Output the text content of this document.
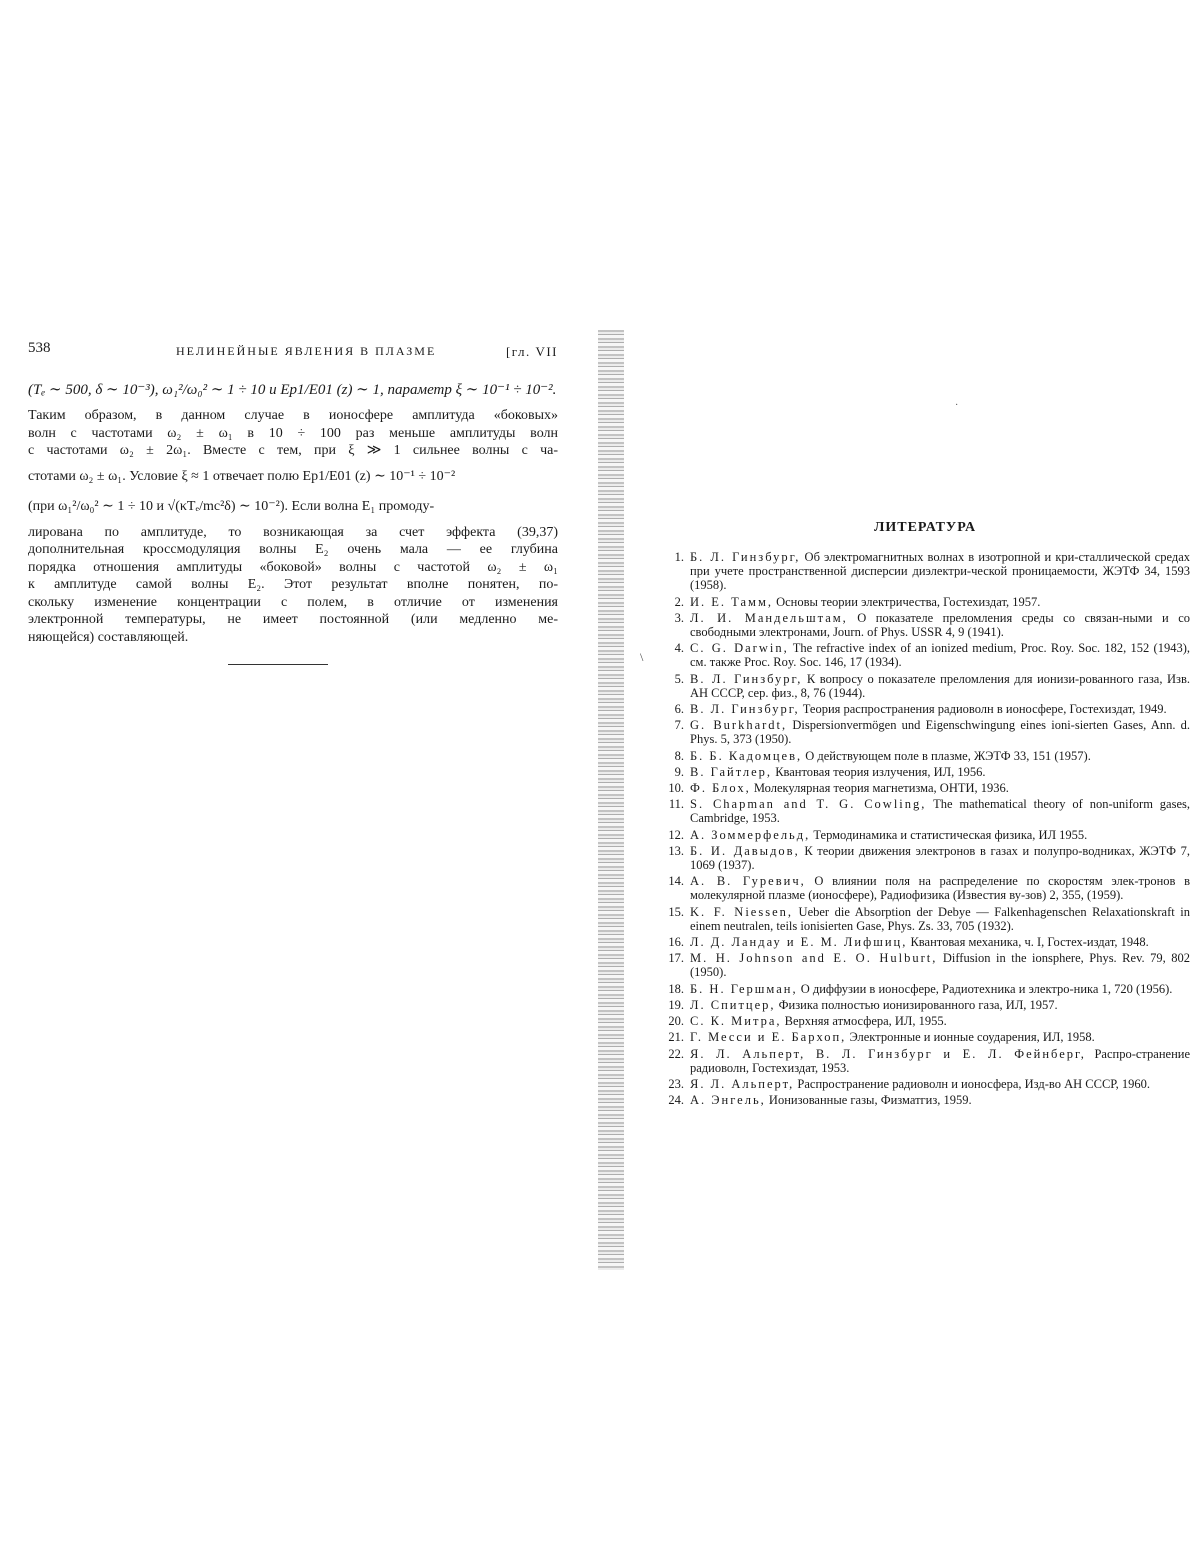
538	НЕЛИНЕЙНЫЕ ЯВЛЕНИЯ В ПЛАЗМЕ	[гл. VII
(Tₑ ∼ 500, δ ∼ 10⁻³), ω₁²/ω₀² ∼ 1 ÷ 10 и Ep1/E01 (z) ∼ 1, параметр ξ ∼ 10⁻¹ ÷ 10⁻².
Таким образом, в данном случае в ионосфере амплитуда «боковых»
волн с частотами ω₂ ± ω₁ в 10 ÷ 100 раз меньше амплитуды волн
с частотами ω₂ ± 2ω₁. Вместе с тем, при ξ ≫ 1 сильнее волны с ча-
стотами ω₂ ± ω₁. Условие ξ ≈ 1 отвечает полю Ep1/E01 (z) ∼ 10⁻¹ ÷ 10⁻²
(при ω₁²/ω₀² ∼ 1 ÷ 10 и √(κTₑ/mc²δ) ∼ 10⁻²). Если волна E₁ промоду-
лирована по амплитуде, то возникающая за счет эффекта (39,37)
дополнительная кроссмодуляция волны E₂ очень мала — ее глубина
порядка отношения амплитуды «боковой» волны с частотой ω₂ ± ω₁
к амплитуде самой волны E₂. Этот результат вполне понятен, по-
скольку изменение концентрации с полем, в отличие от изменения
электронной температуры, не имеет постоянной (или медленно ме-
няющейся) составляющей.
\
·
ЛИТЕРАТУРА
1. Б. Л. Гинзбург, Об электромагнитных волнах в изотропной и кри-сталлической средах при учете пространственной дисперсии диэлектри-ческой проницаемости, ЖЭТФ 34, 1593 (1958).
2. И. Е. Тамм, Основы теории электричества, Гостехиздат, 1957.
3. Л. И. Мандельштам, О показателе преломления среды со связан-ными и со свободными электронами, Journ. of Phys. USSR 4, 9 (1941).
4. C. G. Darwin, The refractive index of an ionized medium, Proc. Roy. Soc. 182, 152 (1943), см. также Proc. Roy. Soc. 146, 17 (1934).
5. В. Л. Гинзбург, К вопросу о показателе преломления для ионизи-рованного газа, Изв. АН СССР, сер. физ., 8, 76 (1944).
6. В. Л. Гинзбург, Теория распространения радиоволн в ионосфере, Гостехиздат, 1949.
7. G. Burkhardt, Dispersionvermögen und Eigenschwingung eines ioni-sierten Gases, Ann. d. Phys. 5, 373 (1950).
8. Б. Б. Кадомцев, О действующем поле в плазме, ЖЭТФ 33, 151 (1957).
9. В. Гайтлер, Квантовая теория излучения, ИЛ, 1956.
10. Ф. Блох, Молекулярная теория магнетизма, ОНТИ, 1936.
11. S. Chapman and T. G. Cowling, The mathematical theory of non-uniform gases, Cambridge, 1953.
12. А. Зоммерфельд, Термодинамика и статистическая физика, ИЛ 1955.
13. Б. И. Давыдов, К теории движения электронов в газах и полупро-водниках, ЖЭТФ 7, 1069 (1937).
14. А. В. Гуревич, О влиянии поля на распределение по скоростям элек-тронов в молекулярной плазме (ионосфере), Радиофизика (Известия ву-зов) 2, 355, (1959).
15. K. F. Niessen, Ueber die Absorption der Debye — Falkenhagenschen Relaxationskraft in einem neutralen, teils ionisierten Gase, Phys. Zs. 33, 705 (1932).
16. Л. Д. Ландау и Е. М. Лифшиц, Квантовая механика, ч. I, Гостех-издат, 1948.
17. M. H. Johnson and E. O. Hulburt, Diffusion in the ionsphere, Phys. Rev. 79, 802 (1950).
18. Б. Н. Гершман, О диффузии в ионосфере, Радиотехника и электро-ника 1, 720 (1956).
19. Л. Спитцер, Физика полностью ионизированного газа, ИЛ, 1957.
20. С. К. Митра, Верхняя атмосфера, ИЛ, 1955.
21. Г. Месси и Е. Бархоп, Электронные и ионные соударения, ИЛ, 1958.
22. Я. Л. Альперт, В. Л. Гинзбург и Е. Л. Фейнберг, Распро-странение радиоволн, Гостехиздат, 1953.
23. Я. Л. Альперт, Распространение радиоволн и ионосфера, Изд-во АН СССР, 1960.
24. А. Энгель, Ионизованные газы, Физматгиз, 1959.
